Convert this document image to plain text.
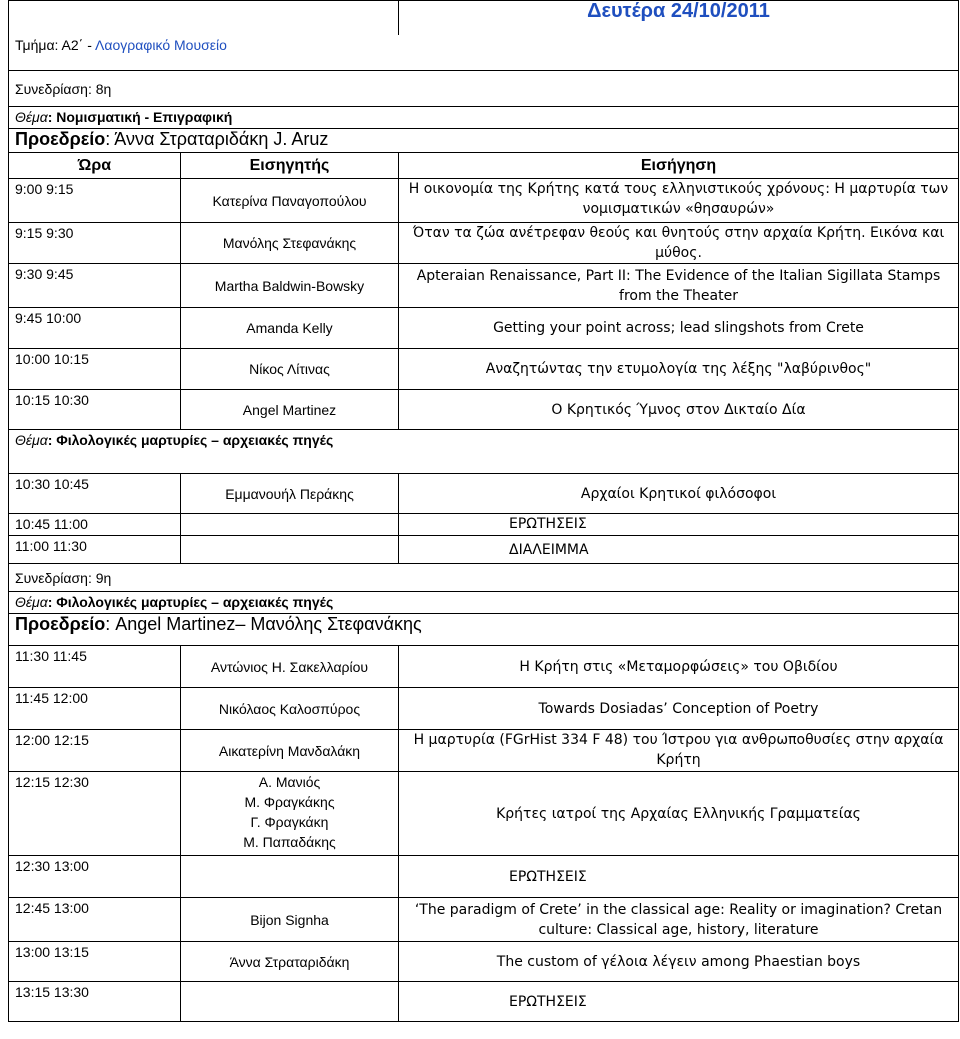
		Δευτέρα 24/10/2011
Τμήμα: Α2΄ - Λαογραφικό Μουσείο		
Συνεδρίαση: 8η		
Θέμα: Νομισματική - Επιγραφική		
Προεδρείο: Άννα Στραταριδάκη J. Aruz		
Ώρα	Εισηγητής	Εισήγηση
9:00 9:15	Κατερίνα Παναγοπούλου	Η οικονομία της Κρήτης κατά τους ελληνιστικούς χρόνους: Η μαρτυρία των νομισματικών «θησαυρών»
9:15 9:30	Μανόλης Στεφανάκης	Όταν τα ζώα ανέτρεφαν θεούς και θνητούς στην αρχαία Κρήτη. Εικόνα και μύθος.
9:30 9:45	Martha Baldwin-Bowsky	Apteraian Renaissance, Part II: The Evidence of the Italian Sigillata Stamps from the Theater
9:45 10:00	Amanda Kelly	Getting your point across; lead slingshots from Crete
10:00 10:15	Νίκος Λίτινας	Αναζητώντας την ετυμολογία της λέξης "λαβύρινθος"
10:15 10:30	Angel Martinez	Ο Κρητικός Ύμνος στον Δικταίο Δία
Θέμα: Φιλολογικές μαρτυρίες – αρχειακές πηγές		
10:30 10:45	Εμμανουήλ Περάκης	Αρχαίοι Κρητικοί φιλόσοφοι
10:45 11:00		ΕΡΩΤΗΣΕΙΣ
11:00 11:30		ΔΙΑΛΕΙΜΜΑ
Συνεδρίαση: 9η		
Θέμα: Φιλολογικές μαρτυρίες – αρχειακές πηγές		
Προεδρείο: Angel Martinez– Μανόλης Στεφανάκης		
11:30 11:45	Αντώνιος Η. Σακελλαρίου	Η Κρήτη στις «Μεταμορφώσεις» του Οβιδίου
11:45 12:00	Νικόλαος Καλοσπύρος	Towards Dosiadas’ Conception of Poetry
12:00 12:15	Αικατερίνη Μανδαλάκη	Η μαρτυρία (FGrHist 334 F 48) του Ίστρου για ανθρωποθυσίες στην αρχαία Κρήτη
12:15 12:30	Α. Μανιός
Μ. Φραγκάκης
Γ. Φραγκάκη
Μ. Παπαδάκης	Κρήτες ιατροί της Αρχαίας Ελληνικής Γραμματείας
12:30 13:00		ΕΡΩΤΗΣΕΙΣ
12:45 13:00	Bijon Signha	‘The paradigm of Crete’ in the classical age: Reality or imagination? Cretan culture: Classical age, history, literature
13:00 13:15	Άννα Στραταριδάκη	The custom of γέλοια λέγειν among Phaestian boys
13:15 13:30		ΕΡΩΤΗΣΕΙΣ
